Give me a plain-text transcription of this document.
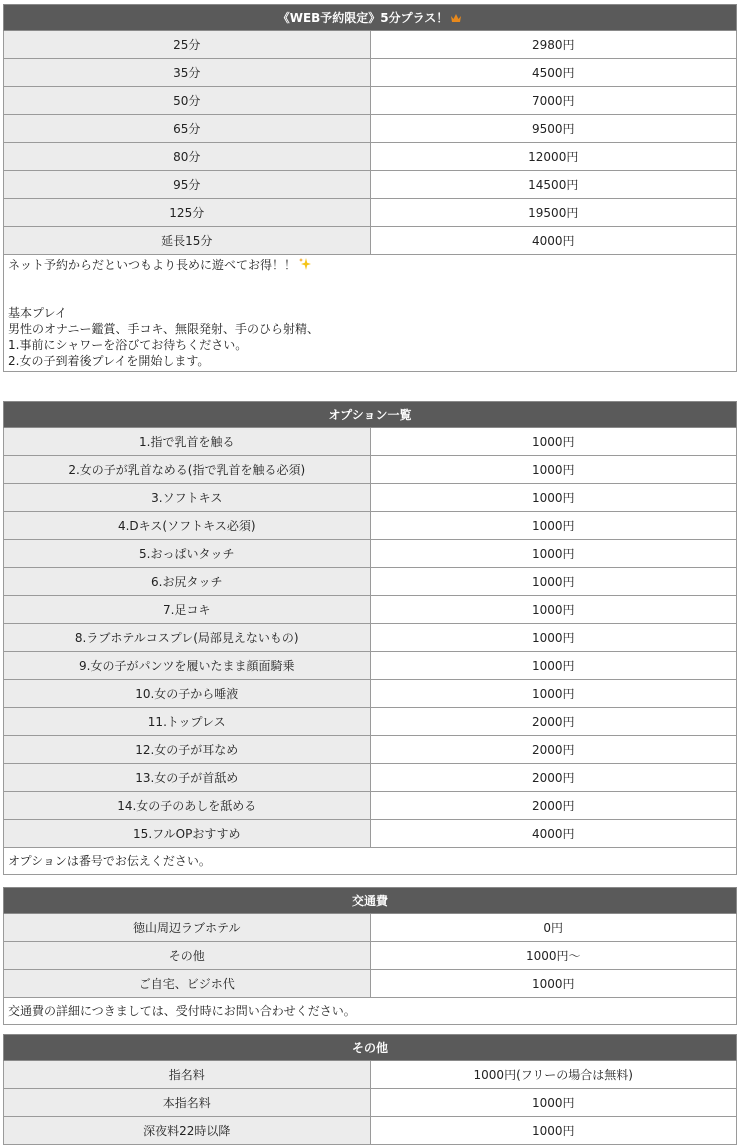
《WEB予約限定》5分プラス！	
25分	2980円
35分	4500円
50分	7000円
65分	9500円
80分	12000円
95分	14500円
125分	19500円
延長15分	4000円

ネット予約からだといつもより長めに遊べてお得！！
基本プレイ
男性のオナニー鑑賞、手コキ、無限発射、手のひら射精、
1.事前にシャワーを浴びてお待ちください。
2.女の子到着後プレイを開始します。	
オプション一覧	
1.指で乳首を触る	1000円
2.女の子が乳首なめる(指で乳首を触る必須)	1000円
3.ソフトキス	1000円
4.Dキス(ソフトキス必須)	1000円
5.おっぱいタッチ	1000円
6.お尻タッチ	1000円
7.足コキ	1000円
8.ラブホテルコスプレ(局部見えないもの)	1000円
9.女の子がパンツを履いたまま顔面騎乗	1000円
10.女の子から唾液	1000円
11.トップレス	2000円
12.女の子が耳なめ	2000円
13.女の子が首舐め	2000円
14.女の子のあしを舐める	2000円
15.フルOPおすすめ	4000円
オプションは番号でお伝えください。	
交通費	
徳山周辺ラブホテル	0円
その他	1000円～
ご自宅、ビジホ代	1000円
交通費の詳細につきましては、受付時にお問い合わせください。	
その他	
指名料	1000円(フリーの場合は無料)
本指名料	1000円
深夜料22時以降	1000円
